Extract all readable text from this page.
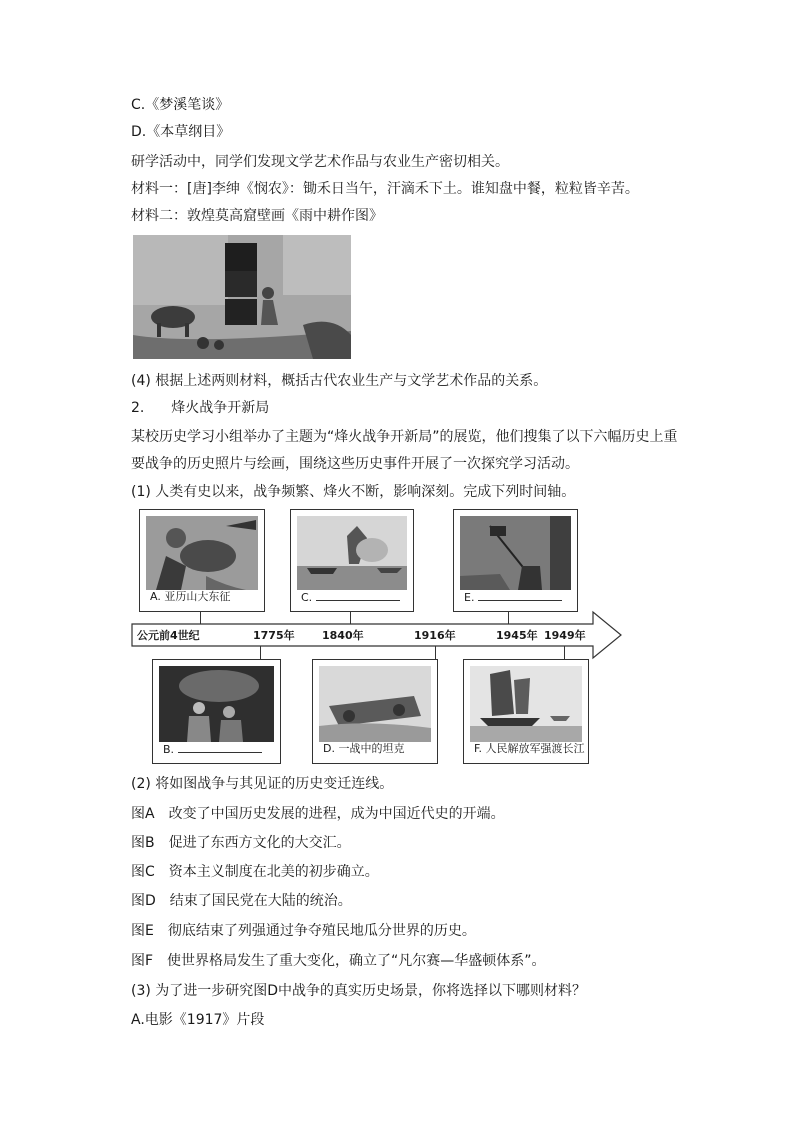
C.《梦溪笔谈》
D.《本草纲目》
研学活动中，同学们发现文学艺术作品与农业生产密切相关。
材料一：[唐]李绅《悯农》：锄禾日当午，汗滴禾下土。谁知盘中餐，粒粒皆辛苦。
材料二：敦煌莫高窟壁画《雨中耕作图》
(4) 根据上述两则材料，概括古代农业生产与文学艺术作品的关系。
2. 烽火战争开新局
某校历史学习小组举办了主题为“烽火战争开新局”的展览，他们搜集了以下六幅历史上重
要战争的历史照片与绘画，围绕这些历史事件开展了一次探究学习活动。
(1) 人类有史以来，战争频繁、烽火不断，影响深刻。完成下列时间轴。
公元前4世纪	1775年 1840年	1916年	1945年 1949年
A. 亚历山大东征	C.	E.
B.	D. 一战中的坦克	F. 人民解放军强渡长江
(2) 将如图战争与其见证的历史变迁连线。
图A　改变了中国历史发展的进程，成为中国近代史的开端。
图B　促进了东西方文化的大交汇。
图C　资本主义制度在北美的初步确立。
图D　结束了国民党在大陆的统治。
图E　彻底结束了列强通过争夺殖民地瓜分世界的历史。
图F　使世界格局发生了重大变化，确立了“凡尔赛—华盛顿体系”。
(3) 为了进一步研究图D中战争的真实历史场景，你将选择以下哪则材料？
A.电影《1917》片段
